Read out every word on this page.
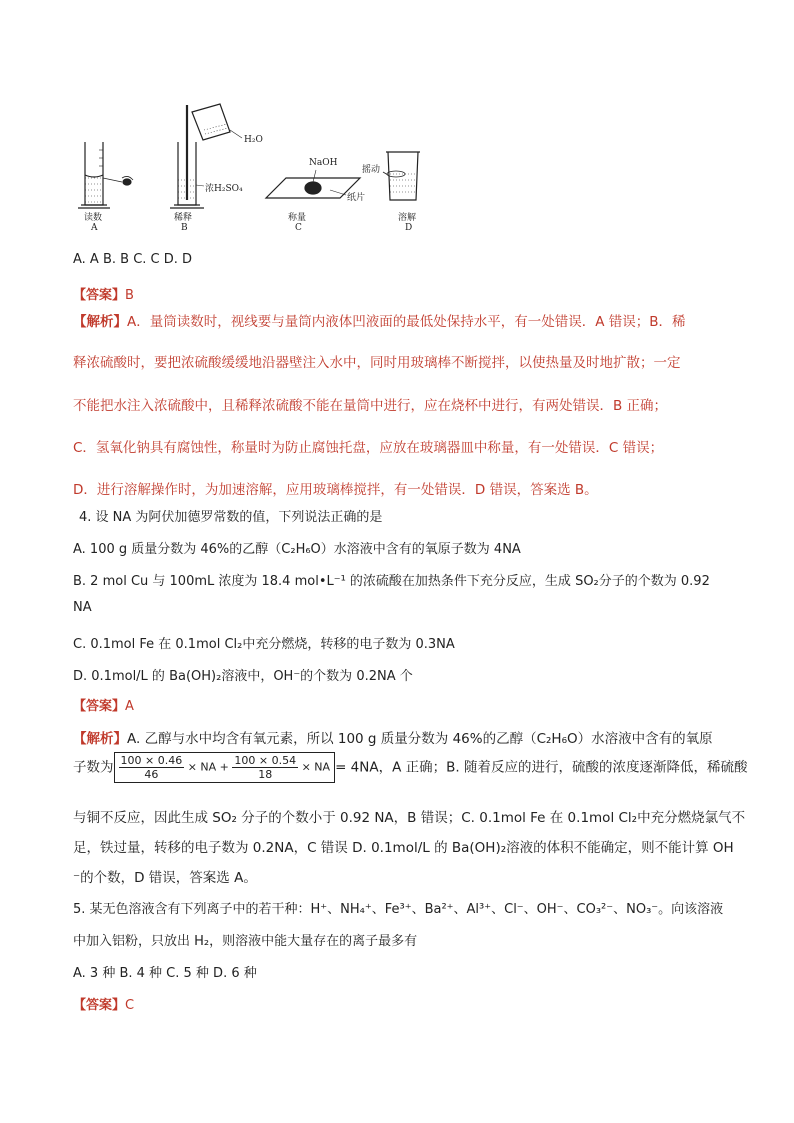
读数
A
稀释
B
H₂O
浓H₂SO₄
称量
C
NaOH
纸片
溶解
D
摇动
A. A B. B C. C D. D
【答案】B
【解析】A．量筒读数时，视线要与量筒内液体凹液面的最低处保持水平，有一处错误．A 错误；B．稀
释浓硫酸时，要把浓硫酸缓缓地沿器壁注入水中，同时用玻璃棒不断搅拌，以使热量及时地扩散；一定
不能把水注入浓硫酸中，且稀释浓硫酸不能在量筒中进行，应在烧杯中进行，有两处错误．B 正确；
C．氢氧化钠具有腐蚀性，称量时为防止腐蚀托盘，应放在玻璃器皿中称量，有一处错误．C 错误；
D．进行溶解操作时，为加速溶解，应用玻璃棒搅拌，有一处错误．D 错误，答案选 B。
4. 设 NA 为阿伏加德罗常数的值，下列说法正确的是
A. 100 g 质量分数为 46%的乙醇（C₂H₆O）水溶液中含有的氧原子数为 4NA
B. 2 mol Cu 与 100mL 浓度为 18.4 mol•L⁻¹ 的浓硫酸在加热条件下充分反应，生成 SO₂分子的个数为 0.92
NA
C. 0.1mol Fe 在 0.1mol Cl₂中充分燃烧，转移的电子数为 0.3NA
D. 0.1mol/L 的 Ba(OH)₂溶液中，OH⁻的个数为 0.2NA 个
【答案】A
【解析】A. 乙醇与水中均含有氧元素，所以 100 g 质量分数为 46%的乙醇（C₂H₆O）水溶液中含有的氧原
子数为 $\frac{100 \times 0.46}{46}$ × NA + $\frac{100 \times 0.54}{18}$ × NA = 4NA，A 正确；B. 随着反应的进行，硫酸的浓度逐渐降低，稀硫酸
与铜不反应，因此生成 SO₂ 分子的个数小于 0.92 NA，B 错误；C. 0.1mol Fe 在 0.1mol Cl₂中充分燃烧氯气不
足，铁过量，转移的电子数为 0.2NA，C 错误 D. 0.1mol/L 的 Ba(OH)₂溶液的体积不能确定，则不能计算 OH
⁻的个数，D 错误，答案选 A。
5. 某无色溶液含有下列离子中的若干种：H⁺、NH₄⁺、Fe³⁺、Ba²⁺、Al³⁺、Cl⁻、OH⁻、CO₃²⁻、NO₃⁻。向该溶液
中加入铝粉，只放出 H₂，则溶液中能大量存在的离子最多有
A. 3 种 B. 4 种 C. 5 种 D. 6 种
【答案】C
